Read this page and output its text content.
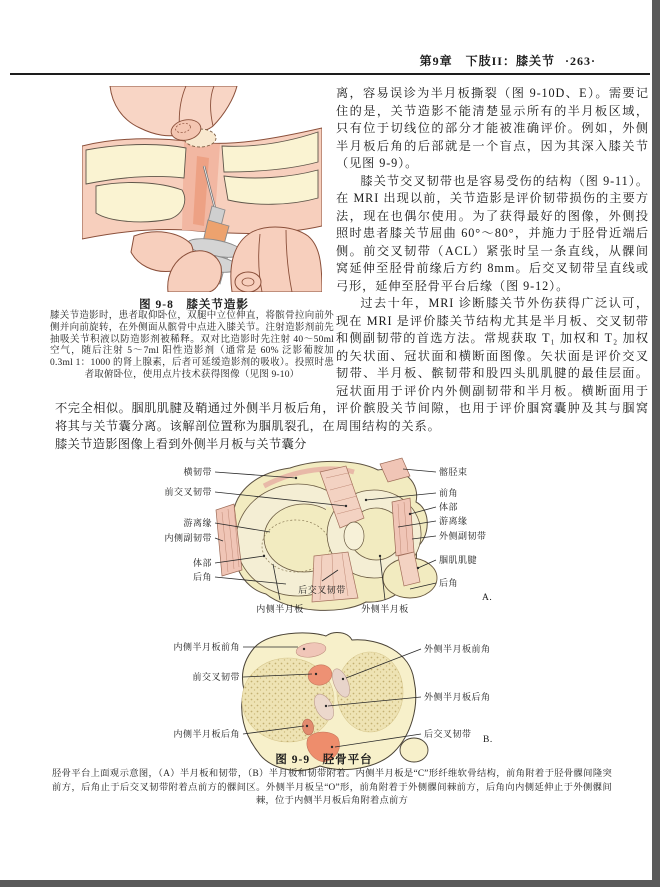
第9章　下肢II：膝关节 ·263·
图 9-8　膝关节造影
膝关节造影时，患者取仰卧位，双腿中立位伸直，将髌骨拉向前外侧并向前旋转，在外侧面从髌骨中点进入膝关节。注射造影剂前先抽吸关节积液以防造影剂被稀释。双对比造影时先注射 40～50ml 空气，随后注射 5～7ml 阳性造影剂（通常是 60% 泛影葡胺加 0.3ml 1：1000 的肾上腺素，后者可延缓造影剂的吸收）。投照时患者取俯卧位，使用点片技术获得图像（见图 9-10）
不完全相似。腘肌肌腱及鞘通过外侧半月板后角，将其与关节囊分离。该解剖位置称为腘肌裂孔，在膝关节造影图像上看到外侧半月板与关节囊分

离，容易误诊为半月板撕裂（图 9-10D、E）。需要记住的是，关节造影不能清楚显示所有的半月板区域，只有位于切线位的部分才能被准确评价。例如，外侧半月板后角的后部就是一个盲点，因为其深入膝关节（见图 9-9）。

膝关节交叉韧带也是容易受伤的结构（图 9-11）。在 MRI 出现以前，关节造影是评价韧带损伤的主要方法，现在也偶尔使用。为了获得最好的图像，外侧投照时患者膝关节屈曲 60°～80°，并施力于胫骨近端后侧。前交叉韧带（ACL）紧张时呈一条直线，从髁间窝延伸至胫骨前缘后方约 8mm。后交叉韧带呈直线或弓形，延伸至胫骨平台后缘（图 9-12）。

过去十年，MRI 诊断膝关节外伤获得广泛认可，现在 MRI 是评价膝关节结构尤其是半月板、交叉韧带和侧副韧带的首选方法。常规获取 T₁ 加权和 T₂ 加权的矢状面、冠状面和横断面图像。矢状面是评价交叉韧带、半月板、髌韧带和股四头肌肌腱的最佳层面。冠状面用于评价内外侧副韧带和半月板。横断面用于评价髌股关节间隙，也用于评价腘窝囊肿及其与腘窝周围结构的关系。

横韧带
前交叉韧带
游离缘
内侧副韧带
体部
后角
内侧半月板
后交叉韧带
外侧半月板
髂胫束
前角
体部
游离缘
外侧副韧带
腘肌肌腱
后角
A.
内侧半月板前角
前交叉韧带
内侧半月板后角
外侧半月板前角
外侧半月板后角
后交叉韧带
B.
图 9-9　胫骨平台
胫骨平台上面观示意图，（A）半月板和韧带，（B）半月板和韧带附着。内侧半月板是“C”形纤维软骨结构，前角附着于胫骨髁间隆突前方，后角止于后交叉韧带附着点前方的髁间区。外侧半月板呈“O”形，前角附着于外侧髁间棘前方，后角向内侧延伸止于外侧髁间棘，位于内侧半月板后角附着点前方
